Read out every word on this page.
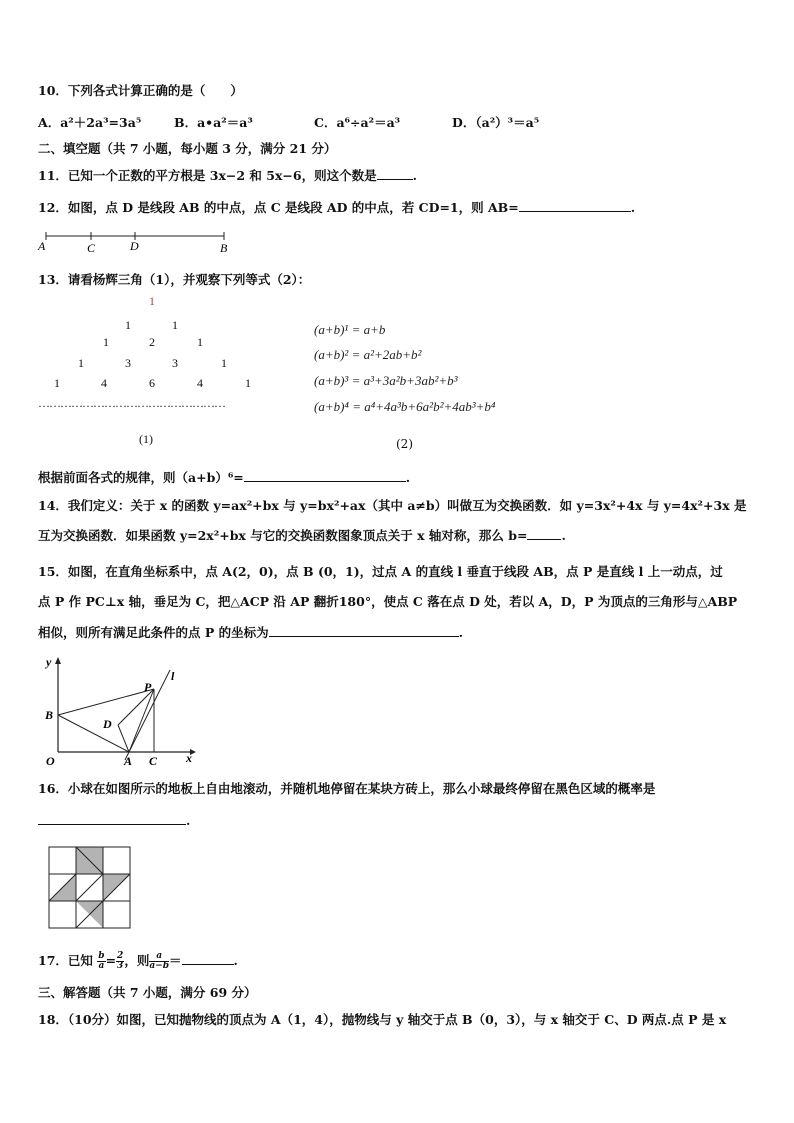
10．下列各式计算正确的是（　　）
A．a²＋2a³=3a⁵	B．a•a²＝a³	C．a⁶÷a²＝a³	D．（a²）³＝a⁵
二、填空题（共 7 小题，每小题 3 分，满分 21 分）
11．已知一个正数的平方根是 3x−2 和 5x−6，则这个数是	.
12．如图，点 D 是线段 AB 的中点，点 C 是线段 AD 的中点，若 CD=1，则 AB=	.
A	C	D	B
13．请看杨辉三角（1），并观察下列等式（2）：
1
1	1
1	2	1
1	3	3	1
1	4	6	4	1
……………………………………………
(1)
(a+b)¹ = a+b
(a+b)² = a²+2ab+b²
(a+b)³ = a³+3a²b+3ab²+b³
(a+b)⁴ = a⁴+4a³b+6a²b²+4ab³+b⁴
(2)
根据前面各式的规律，则（a+b）⁶=	.
14．我们定义：关于 x 的函数 y=ax²+bx 与 y=bx²+ax（其中 a≠b）叫做互为交换函数．如 y=3x²+4x 与 y=4x²+3x 是互为交换函数．如果函数 y=2x²+bx 与它的交换函数图象顶点关于 x 轴对称，那么 b=	.
15．如图，在直角坐标系中，点 A(2，0)，点 B (0，1)，过点 A 的直线 l 垂直于线段 AB，点 P 是直线 l 上一动点，过
点 P 作 PC⊥x 轴，垂足为 C，把△ACP 沿 AP 翻折180°，使点 C 落在点 D 处，若以 A，D，P 为顶点的三角形与△ABP
相似，则所有满足此条件的点 P 的坐标为	.
y
l
P
B
D
O	A C x
16．小球在如图所示的地板上自由地滚动，并随机地停留在某块方砖上，那么小球最终停留在黑色区域的概率是
.
17．已知 $\frac{b}{a} = \frac{2}{3}$ ，则 $\frac{a}{a-b}$ ＝	.
三、解答题（共 7 小题，满分 69 分）
18．（10分）如图，已知抛物线的顶点为 A（1，4），抛物线与 y 轴交于点 B（0，3），与 x 轴交于 C、D 两点.点 P 是 x
